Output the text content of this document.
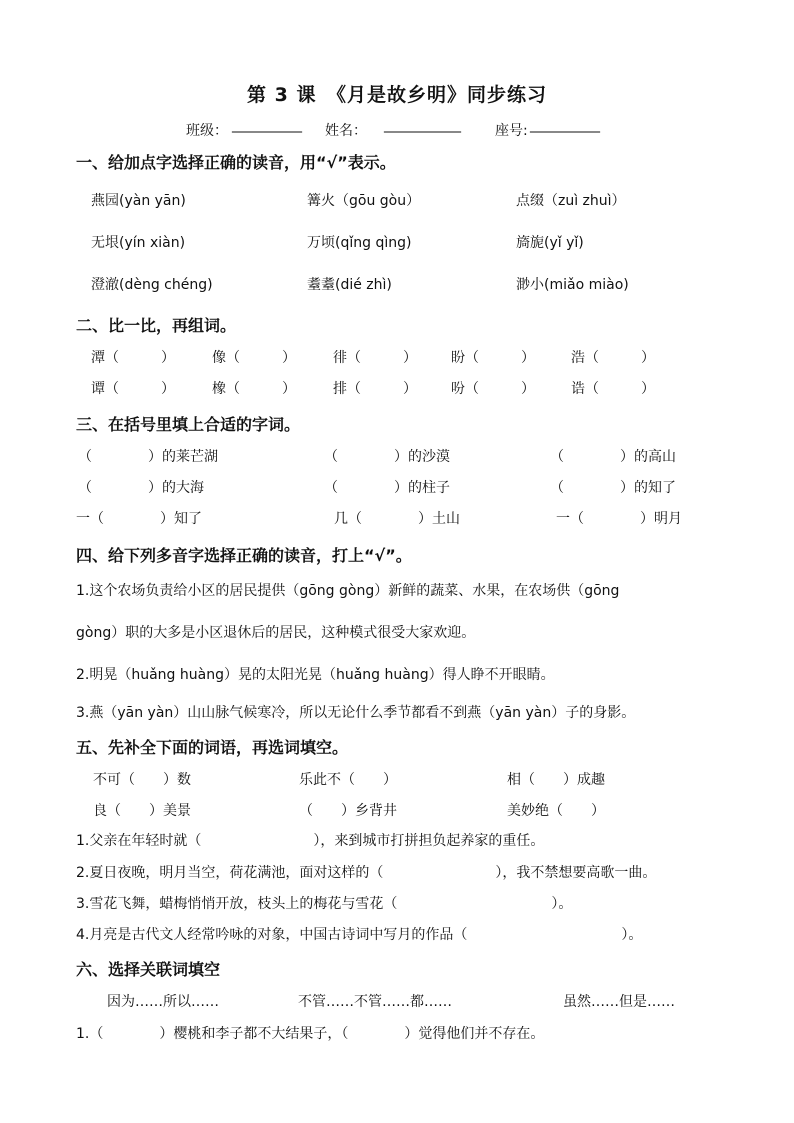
第 3 课　《月是故乡明》同步练习
班级： __________ 姓名： ___________ 座号: __________
一、给加点字选择正确的读音，用“√”表示。
燕园(yàn yān)	篝火（gōu gòu）	点缀（zuì zhuì）
无垠(yín xiàn)	万顷(qǐng qìng)	旖旎(yǐ yǐ)
澄澈(dèng chéng)	耋耋(dié zhì)	渺小(miǎo miào)
二、比一比，再组词。
潭（　　　）	像（　　　）	徘（　　　） 盼（　　　）	浩（　　　）
谭（　　　）	橡（　　　）	排（　　　） 吩（　　　）	诰（　　　）
三、在括号里填上合适的字词。
（　　　　）的莱芒湖	（　　　　）的沙漠	（　　　　）的高山
（　　　　）的大海	（　　　　）的柱子	（　　　　）的知了
一（　　　　）知了	几（　　　　）土山	一（　　　　）明月
四、给下列多音字选择正确的读音，打上“√”。
1.这个农场负责给小区的居民提供（gōng gòng）新鲜的蔬菜、水果，在农场供（gōng
gòng）职的大多是小区退休后的居民，这种模式很受大家欢迎。
2.明晃（huǎng huàng）晃的太阳光晃（huǎng huàng）得人睁不开眼睛。
3.燕（yān yàn）山山脉气候寒冷，所以无论什么季节都看不到燕（yān yàn）子的身影。
五、先补全下面的词语，再选词填空。
不可（　　）数	乐此不（　　）	相（　　）成趣
良（　　）美景	（　　）乡背井	美妙绝（　　）
1.父亲在年轻时就（　　　　　　　　），来到城市打拼担负起养家的重任。
2.夏日夜晚，明月当空，荷花满池，面对这样的（　　　　　　　　），我不禁想要高歌一曲。
3.雪花飞舞，蜡梅悄悄开放，枝头上的梅花与雪花（　　　　　　　　　　　）。
4.月亮是古代文人经常吟咏的对象，中国古诗词中写月的作品（　　　　　　　　　　　）。
六、选择关联词填空
因为……所以……	不管……不管……都……	虽然……但是……
1.（　　　　）樱桃和李子都不大结果子，（　　　　）觉得他们并不存在。
